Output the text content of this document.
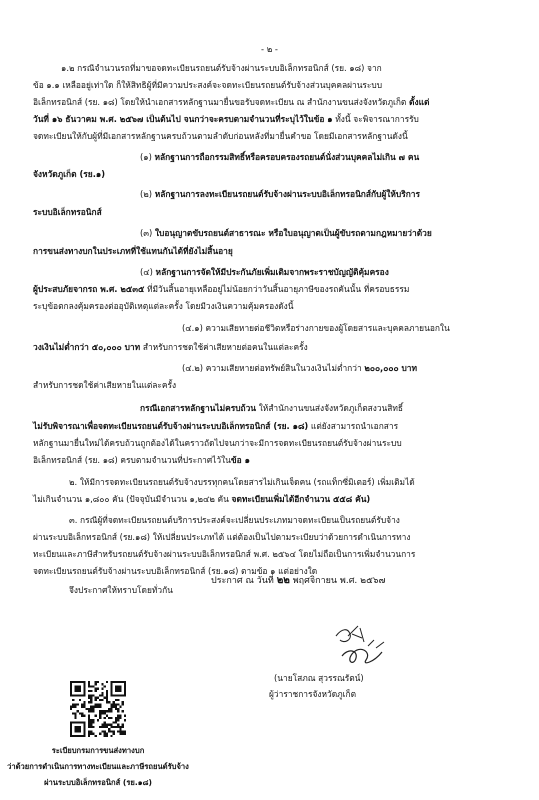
- ๒ -
๑.๒ กรณีจำนวนรถที่มาขอจดทะเบียนรถยนต์รับจ้างผ่านระบบอิเล็กทรอนิกส์ (รย. ๑๘) จาก
ข้อ ๑.๑ เหลืออยู่เท่าใด ก็ให้สิทธิผู้ที่มีความประสงค์จะจดทะเบียนรถยนต์รับจ้างส่วนบุคคลผ่านระบบ
อิเล็กทรอนิกส์ (รย. ๑๘) โดยให้นำเอกสารหลักฐานมายื่นขอรับจดทะเบียน ณ สำนักงานขนส่งจังหวัดภูเก็ต ตั้งแต่
วันที่ ๑๖ ธันวาคม พ.ศ. ๒๕๖๗ เป็นต้นไป จนกว่าจะครบตามจำนวนที่ระบุไว้ในข้อ ๑ ทั้งนี้ จะพิจารณาการรับ
จดทะเบียนให้กับผู้ที่มีเอกสารหลักฐานครบถ้วนตามลำดับก่อนหลังที่มายื่นคำขอ โดยมีเอกสารหลักฐานดังนี้
(๑) หลักฐานการถือกรรมสิทธิ์หรือครอบครองรถยนต์นั่งส่วนบุคคลไม่เกิน ๗ คน
จังหวัดภูเก็ต (รย.๑)
(๒) หลักฐานการลงทะเบียนรถยนต์รับจ้างผ่านระบบอิเล็กทรอนิกส์กับผู้ให้บริการ
ระบบอิเล็กทรอนิกส์
(๓) ใบอนุญาตขับรถยนต์สาธารณะ หรือใบอนุญาตเป็นผู้ขับรถตามกฎหมายว่าด้วย
การขนส่งทางบกในประเภทที่ใช้แทนกันได้ที่ยังไม่สิ้นอายุ
(๔) หลักฐานการจัดให้มีประกันภัยเพิ่มเติมจากพระราชบัญญัติคุ้มครอง
ผู้ประสบภัยจากรถ พ.ศ. ๒๕๓๕ ที่มีวันสิ้นอายุเหลืออยู่ไม่น้อยกว่าวันสิ้นอายุภาษีของรถคันนั้น ที่ครอบธรรม
ระบุข้อตกลงคุ้มครองต่ออุบัติเหตุแต่ละครั้ง โดยมีวงเงินความคุ้มครองดังนี้
(๔.๑) ความเสียหายต่อชีวิตหรือร่างกายของผู้โดยสารและบุคคลภายนอกใน
วงเงินไม่ต่ำกว่า ๕๐,๐๐๐ บาท สำหรับการชดใช้ค่าเสียหายต่อคนในแต่ละครั้ง
(๔.๒) ความเสียหายต่อทรัพย์สินในวงเงินไม่ต่ำกว่า ๒๐๐,๐๐๐ บาท
สำหรับการชดใช้ค่าเสียหายในแต่ละครั้ง
กรณีเอกสารหลักฐานไม่ครบถ้วน ให้สำนักงานขนส่งจังหวัดภูเก็ตสงวนสิทธิ์
ไม่รับพิจารณาเพื่อจดทะเบียนรถยนต์รับจ้างผ่านระบบอิเล็กทรอนิกส์ (รย. ๑๘) แต่ยังสามารถนำเอกสาร
หลักฐานมายื่นใหม่ได้ครบถ้วนถูกต้องได้ในคราวถัดไปจนกว่าจะมีการจดทะเบียนรถยนต์รับจ้างผ่านระบบ
อิเล็กทรอนิกส์ (รย. ๑๘) ครบตามจำนวนที่ประกาศไว้ในข้อ ๑
๒. ให้มีการจดทะเบียนรถยนต์รับจ้างบรรทุกคนโดยสารไม่เกินเจ็ดคน (รถแท็กซี่มิเตอร์) เพิ่มเติมได้
ไม่เกินจำนวน ๑,๘๐๐ คัน (ปัจจุบันมีจำนวน ๑,๒๔๒ คัน จดทะเบียนเพิ่มได้อีกจำนวน ๕๕๘ คัน)
๓. กรณีผู้ที่จดทะเบียนรถยนต์บริการประสงค์จะเปลี่ยนประเภทมาจดทะเบียนเป็นรถยนต์รับจ้าง
ผ่านระบบอิเล็กทรอนิกส์ (รย.๑๘) ให้เปลี่ยนประเภทได้ แต่ต้องเป็นไปตามระเบียบว่าด้วยการดำเนินการทาง
ทะเบียนและภาษีสำหรับรถยนต์รับจ้างผ่านระบบอิเล็กทรอนิกส์ พ.ศ. ๒๕๖๔ โดยไม่ถือเป็นการเพิ่มจำนวนการ
จดทะเบียนรถยนต์รับจ้างผ่านระบบอิเล็กทรอนิกส์ (รย.๑๘) ตามข้อ ๑ แต่อย่างใด
จึงประกาศให้ทราบโดยทั่วกัน
ประกาศ ณ วันที่ ๒๒ พฤศจิกายน พ.ศ. ๒๕๖๗
(นายโสภณ สุวรรณรัตน์)
ผู้ว่าราชการจังหวัดภูเก็ต
ระเบียบกรมการขนส่งทางบก
ว่าด้วยการดำเนินการทางทะเบียนและภาษีรถยนต์รับจ้าง
ผ่านระบบอิเล็กทรอนิกส์ (รย.๑๘)
